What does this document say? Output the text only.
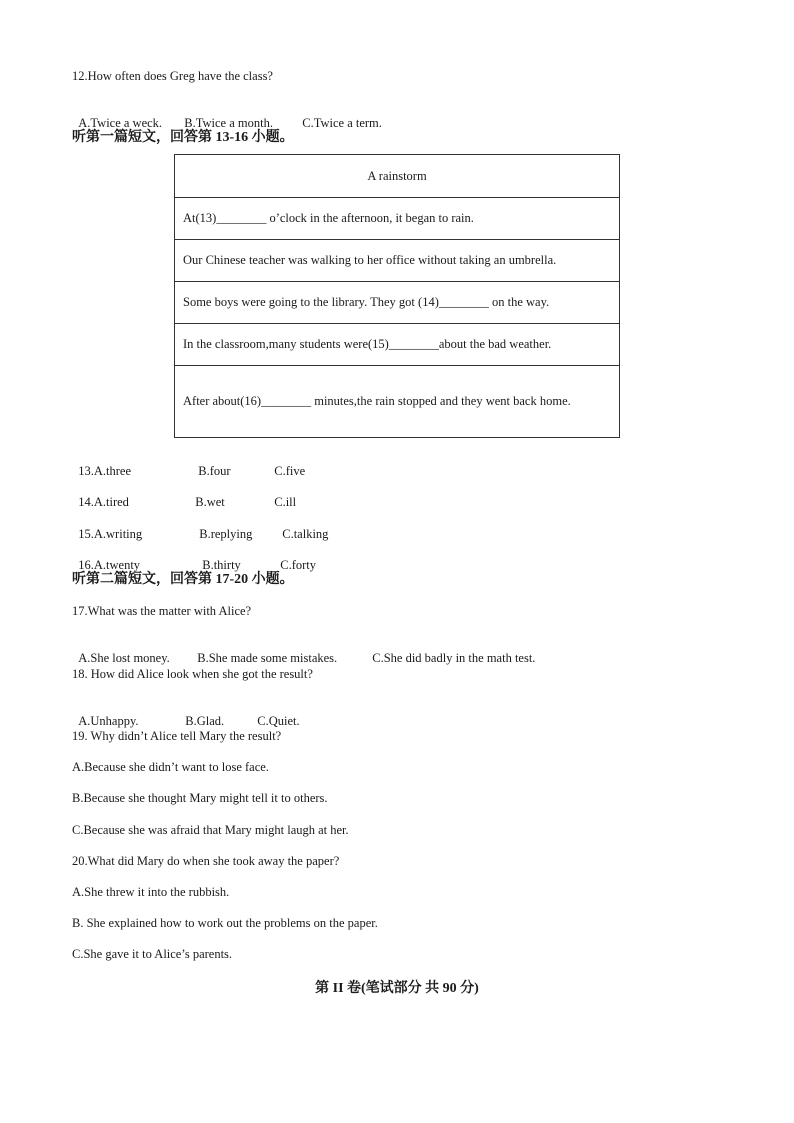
12.How often does Greg have the class?

A.Twice a weck. B.Twice a month. C.Twice a term.

听第一篇短文，回答第 13-16 小题。
A rainstorm
At(13)________ o’clock in the afternoon, it began to rain.
Our Chinese teacher was walking to her office without taking an umbrella.
Some boys were going to the library. They got (14)________ on the way.
In the classroom,many students were(15)________about the bad weather.
After about(16)________ minutes,the rain stopped and they went back home.

13.A.three	B.four	C.five

14.A.tired	B.wet	C.ill

15.A.writing	B.replying C.talking

16.A.twenty	B.thirty	C.forty

听第二篇短文，回答第 17-20 小题。
17.What was the matter with Alice?

A.She lost money. B.She made some mistakes.	C.She did badly in the math test.

18. How did Alice look when she got the result?

A.Unhappy.	B.Glad.	C.Quiet.

19. Why didn’t Alice tell Mary the result?
A.Because she didn’t want to lose face.
B.Because she thought Mary might tell it to others.
C.Because she was afraid that Mary might laugh at her.
20.What did Mary do when she took away the paper?
A.She threw it into the rubbish.
B. She explained how to work out the problems on the paper.
C.She gave it to Alice’s parents.
第 II 卷(笔试部分 共 90 分)
